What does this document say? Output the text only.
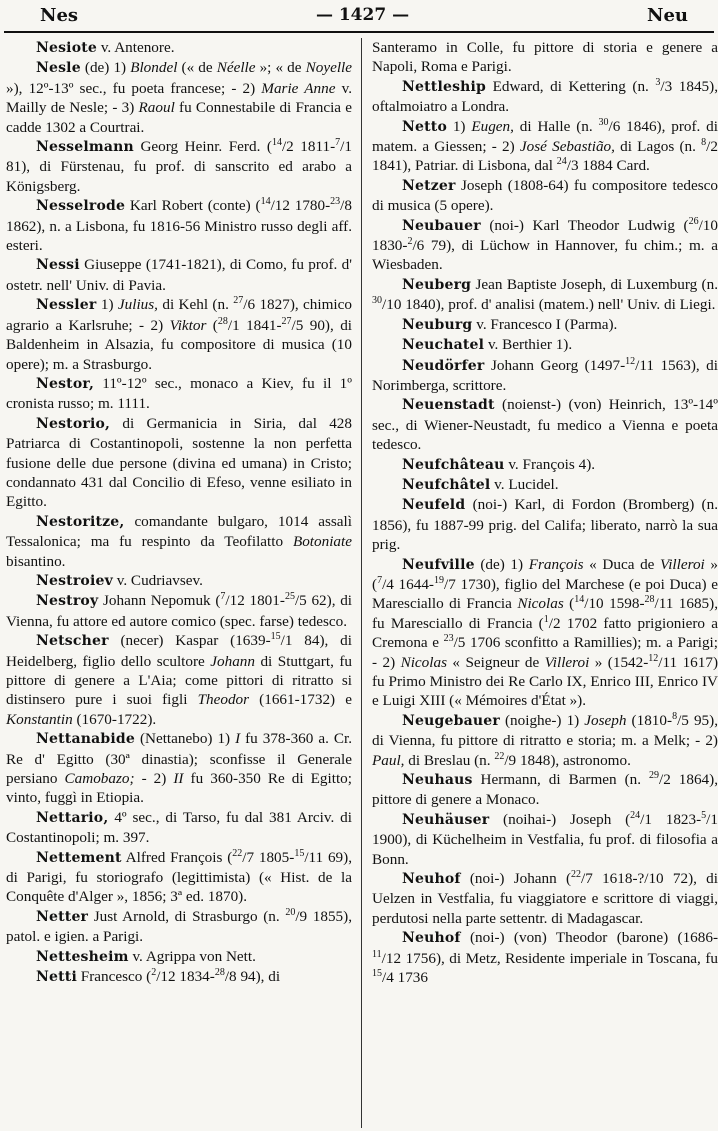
Nes	— 1427 —	Neu

Nesiote v. Antenore.

Nesle (de) 1) Blondel (« de Néelle »; « de Noyelle »), 12º-13º sec., fu poeta francese; - 2) Marie Anne v. Mailly de Nesle; - 3) Raoul fu Connestabile di Francia e cadde 1302 a Courtrai.

Nesselmann Georg Heinr. Ferd. ($^{14}$/2 1811-$^7$/1 81), di Fürstenau, fu prof. di sanscrito ed arabo a Königsberg.

Nesselrode Karl Robert (conte) ($^{14}$/12 1780-$^{23}$/8 1862), n. a Lisbona, fu 1816-56 Ministro russo degli aff. esteri.

Nessi Giuseppe (1741-1821), di Como, fu prof. d' ostetr. nell' Univ. di Pavia.

Nessler 1) Julius, di Kehl (n. $^{27}$/6 1827), chimico agrario a Karlsruhe; - 2) Viktor ($^{28}$/1 1841-$^{27}$/5 90), di Baldenheim in Alsazia, fu compositore di musica (10 opere); m. a Strasburgo.

Nestor, 11º-12º sec., monaco a Kiev, fu il 1º cronista russo; m. 1111.

Nestorio, di Germanicia in Siria, dal 428 Patriarca di Costantinopoli, sostenne la non perfetta fusione delle due persone (divina ed umana) in Cristo; condannato 431 dal Concilio di Efeso, venne esiliato in Egitto.

Nestoritze, comandante bulgaro, 1014 assalì Tessalonica; ma fu respinto da Teofilatto Botoniate bisantino.

Nestroiev v. Cudriavsev.

Nestroy Johann Nepomuk ($^7$/12 1801-$^{25}$/5 62), di Vienna, fu attore ed autore comico (spec. farse) tedesco.

Netscher (necer) Kaspar (1639-$^{15}$/1 84), di Heidelberg, figlio dello scultore Johann di Stuttgart, fu pittore di genere a L'Aia; come pittori di ritratto si distinsero pure i suoi figli Theodor (1661-1732) e Konstantin (1670-1722).

Nettanabide (Nettanebo) 1) I fu 378-360 a. Cr. Re d' Egitto (30ª dinastia); sconfisse il Generale persiano Camobazo; - 2) II fu 360-350 Re di Egitto; vinto, fuggì in Etiopia.

Nettario, 4º sec., di Tarso, fu dal 381 Arciv. di Costantinopoli; m. 397.

Nettement Alfred François ($^{22}$/7 1805-$^{15}$/11 69), di Parigi, fu storiografo (legittimista) (« Hist. de la Conquête d'Alger », 1856; 3ª ed. 1870).

Netter Just Arnold, di Strasburgo (n. $^{20}$/9 1855), patol. e igien. a Parigi.

Nettesheim v. Agrippa von Nett.

Netti Francesco ($^2$/12 1834-$^{28}$/8 94), di

Santeramo in Colle, fu pittore di storia e genere a Napoli, Roma e Parigi.

Nettleship Edward, di Kettering (n. $^3$/3 1845), oftalmoiatro a Londra.

Netto 1) Eugen, di Halle (n. $^{30}$/6 1846), prof. di matem. a Giessen; - 2) José Sebastião, di Lagos (n. $^8$/2 1841), Patriar. di Lisbona, dal $^{24}$/3 1884 Card.

Netzer Joseph (1808-64) fu compositore tedesco di musica (5 opere).

Neubauer (noi-) Karl Theodor Ludwig ($^{26}$/10 1830-$^2$/6 79), di Lüchow in Hannover, fu chim.; m. a Wiesbaden.

Neuberg Jean Baptiste Joseph, di Luxemburg (n. $^{30}$/10 1840), prof. d' analisi (matem.) nell' Univ. di Liegi.

Neuburg v. Francesco I (Parma).

Neuchatel v. Berthier 1).

Neudörfer Johann Georg (1497-$^{12}$/11 1563), di Norimberga, scrittore.

Neuenstadt (noienst-) (von) Heinrich, 13º-14º sec., di Wiener-Neustadt, fu medico a Vienna e poeta tedesco.

Neufchâteau v. François 4).

Neufchâtel v. Lucidel.

Neufeld (noi-) Karl, di Fordon (Bromberg) (n. 1856), fu 1887-99 prig. del Califa; liberato, narrò la sua prig.

Neufville (de) 1) François « Duca de Villeroi » ($^7$/4 1644-$^{19}$/7 1730), figlio del Marchese (e poi Duca) e Maresciallo di Francia Nicolas ($^{14}$/10 1598-$^{28}$/11 1685), fu Maresciallo di Francia ($^1$/2 1702 fatto prigioniero a Cremona e $^{23}$/5 1706 sconfitto a Ramillies); m. a Parigi; - 2) Nicolas « Seigneur de Villeroi » (1542-$^{12}$/11 1617) fu Primo Ministro dei Re Carlo IX, Enrico III, Enrico IV e Luigi XIII (« Mémoires d'État »).

Neugebauer (noighe-) 1) Joseph (1810-$^8$/5 95), di Vienna, fu pittore di ritratto e storia; m. a Melk; - 2) Paul, di Breslau (n. $^{22}$/9 1848), astronomo.

Neuhaus Hermann, di Barmen (n. $^{29}$/2 1864), pittore di genere a Monaco.

Neuhäuser (noihai-) Joseph ($^{24}$/1 1823-$^5$/1 1900), di Küchelheim in Vestfalia, fu prof. di filosofia a Bonn.

Neuhof (noi-) Johann ($^{22}$/7 1618-?/10 72), di Uelzen in Vestfalia, fu viaggiatore e scrittore di viaggi, perdutosi nella parte settentr. di Madagascar.

Neuhof (noi-) (von) Theodor (barone) (1686-$^{11}$/12 1756), di Metz, Residente imperiale in Toscana, fu $^{15}$/4 1736
